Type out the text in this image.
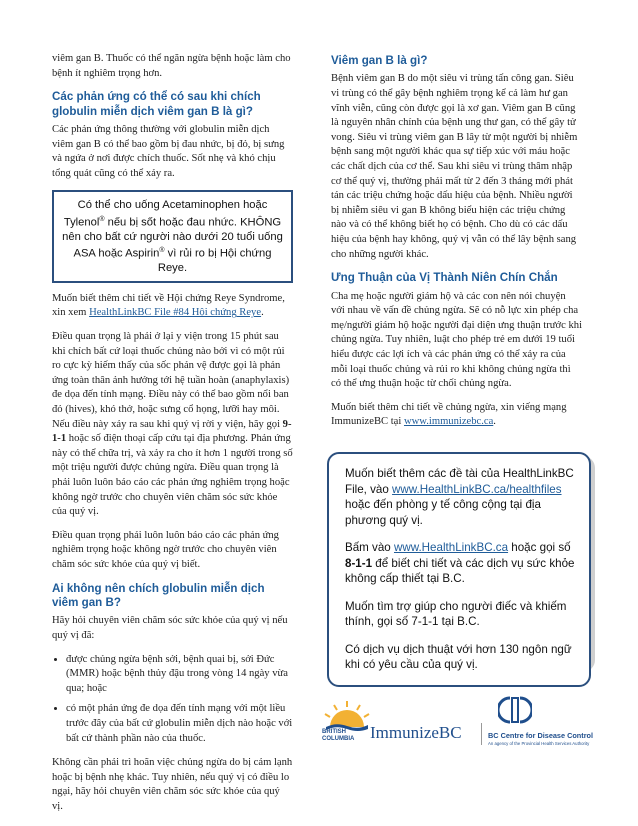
viêm gan B. Thuốc có thể ngăn ngừa bệnh hoặc làm cho bệnh ít nghiêm trọng hơn.

Các phản ứng có thể có sau khi chích globulin miễn dịch viêm gan B là gì?

Các phản ứng thông thường với globulin miễn dịch viêm gan B có thể bao gồm bị đau nhức, bị đỏ, bị sưng và ngứa ở nơi được chích thuốc. Sốt nhẹ và khó chịu tổng quát cũng có thể xảy ra.

Có thể cho uống Acetaminophen hoặc Tylenol® nếu bị sốt hoặc đau nhức. KHÔNG nên cho bất cứ người nào dưới 20 tuổi uống ASA hoặc Aspirin® vì rủi ro bị Hội chứng Reye.

Muốn biết thêm chi tiết về Hội chứng Reye Syndrome, xin xem HealthLinkBC File #84 Hội chứng Reye.

Điều quan trọng là phải ở lại y viện trong 15 phút sau khi chích bất cứ loại thuốc chủng nào bởi vì có một rủi ro cực kỳ hiếm thấy của sốc phản vệ được gọi là phản ứng toàn thân ảnh hưởng tới hệ tuần hoàn (anaphylaxis) đe dọa đến tính mạng. Điều này có thể bao gồm nổi ban đỏ (hives), khó thở, hoặc sưng cổ họng, lưỡi hay môi. Nếu điều này xảy ra sau khi quý vị rời y viện, hãy gọi 9-1-1 hoặc số điện thoại cấp cứu tại địa phương. Phản ứng này có thể chữa trị, và xảy ra cho ít hơn 1 người trong số một triệu người được chủng ngừa. Điều quan trọng là phải luôn luôn báo cáo các phản ứng nghiêm trọng hoặc không ngờ trước cho chuyên viên chăm sóc sức khỏe của quý vị.

Điều quan trọng phải luôn luôn báo cáo các phản ứng nghiêm trọng hoặc không ngờ trước cho chuyên viên chăm sóc sức khỏe của quý vị biết.

Ai không nên chích globulin miễn dịch viêm gan B?

Hãy hỏi chuyên viên chăm sóc sức khỏe của quý vị nếu quý vị đã:

• được chủng ngừa bệnh sởi, bệnh quai bị, sởi Đức (MMR) hoặc bệnh thủy đậu trong vòng 14 ngày vừa qua; hoặc
• có một phản ứng đe dọa đến tính mạng với một liều trước đây của bất cứ globulin miễn dịch nào hoặc với bất cứ thành phần nào của thuốc.

Không cần phải trì hoãn việc chủng ngừa do bị cảm lạnh hoặc bị bệnh nhẹ khác. Tuy nhiên, nếu quý vị có điều lo ngại, hãy hỏi chuyên viên chăm sóc sức khỏe của quý vị.

Viêm gan B là gì?

Bệnh viêm gan B do một siêu vi trùng tấn công gan. Siêu vi trùng có thể gây bệnh nghiêm trọng kể cả làm hư gan vĩnh viễn, cũng còn được gọi là xơ gan. Viêm gan B cũng là nguyên nhân chính của bệnh ung thư gan, có thể gây tử vong. Siêu vi trùng viêm gan B lây từ một người bị nhiễm bệnh sang một người khác qua sự tiếp xúc với máu hoặc các chất dịch của cơ thể. Sau khi siêu vi trùng thâm nhập cơ thể quý vị, thường phải mất từ 2 đến 3 tháng mới phát tán các triệu chứng hoặc dấu hiệu của bệnh. Nhiều người bị nhiễm siêu vi gan B không biểu hiện các triệu chứng nào và có thể không biết họ có bệnh. Cho dù có các dấu hiệu của bệnh hay không, quý vị vẫn có thể lây bệnh sang cho những người khác.

Ưng Thuận của Vị Thành Niên Chín Chắn

Cha mẹ hoặc người giám hộ và các con nên nói chuyện với nhau về vấn đề chủng ngừa. Sẽ có nỗ lực xin phép cha mẹ/người giám hộ hoặc người đại diện ưng thuận trước khi chủng ngừa. Tuy nhiên, luật cho phép trẻ em dưới 19 tuổi hiểu được các lợi ích và các phản ứng có thể xảy ra của mỗi loại thuốc chủng và rủi ro khi không chủng ngừa thì có thể ưng thuận hoặc từ chối chủng ngừa.

Muốn biết thêm chi tiết về chủng ngừa, xin viếng mạng ImmunizeBC tại www.immunizebc.ca.

Muốn biết thêm các đề tài của HealthLinkBC File, vào www.HealthLinkBC.ca/healthfiles hoặc đến phòng y tế công cộng tại địa phương quý vị.

Bấm vào www.HealthLinkBC.ca hoặc gọi số 8-1-1 để biết chi tiết và các dịch vụ sức khỏe không cấp thiết tại B.C.

Muốn tìm trợ giúp cho người điếc và khiếm thính, gọi số 7-1-1 tại B.C.

Có dịch vụ dịch thuật với hơn 130 ngôn ngữ khi có yêu cầu của quý vị.

BRITISH
COLUMBIA ImmunizeBC	BC Centre for Disease Control
An agency of the Provincial Health Services Authority
